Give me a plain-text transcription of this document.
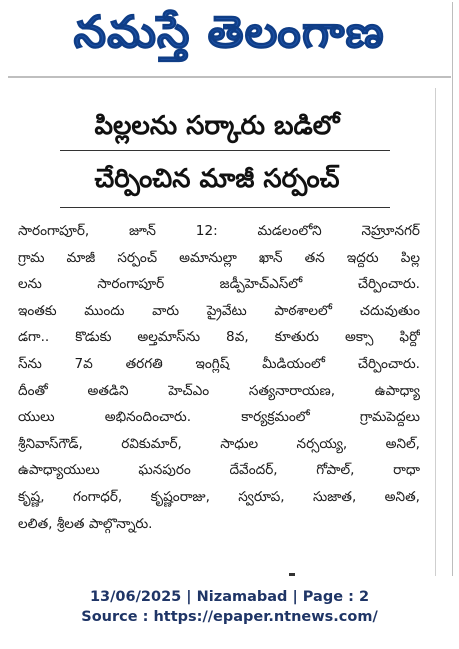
నమస్తే తెలంగాణ
పిల్లలను సర్కారు బడిలో
చేర్పించిన మాజీ సర్పంచ్
సారంగాపూర్, జూన్ 12: మడలంలోని నెహ్రూనగర్
గ్రామ మాజీ సర్పంచ్ అమానుల్లా ఖాన్ తన ఇద్దరు పిల్ల
లను సారంగాపూర్ జడ్పీహెచ్ఎస్‌లో చేర్పించారు.
ఇంతకు ముందు వారు ప్రైవేటు పాఠశాలలో చదువుతుం
డగా.. కొడుకు అల్తమాస్‌ను 8వ, కూతురు అక్సా ఫిర్దో
స్‌ను 7వ తరగతి ఇంగ్లిష్ మీడియంలో చేర్పించారు.
దీంతో అతడిని హెచ్ఎం సత్యనారాయణ, ఉపాధ్యా
యులు అభినందించారు. కార్యక్రమంలో గ్రామపెద్దలు
శ్రీనివాస్‌గౌడ్, రవికుమార్, సాధుల నర్సయ్య, అనిల్,
ఉపాధ్యాయులు ఘనపురం దేవేందర్, గోపాల్, రాధా
కృష్ణ, గంగాధర్, కృష్ణంరాజు, స్వరూప, సుజాత, అనిత,
లలిత, శ్రీలత పాల్గొన్నారు.
13/06/2025 | Nizamabad | Page : 2
Source : https://epaper.ntnews.com/
